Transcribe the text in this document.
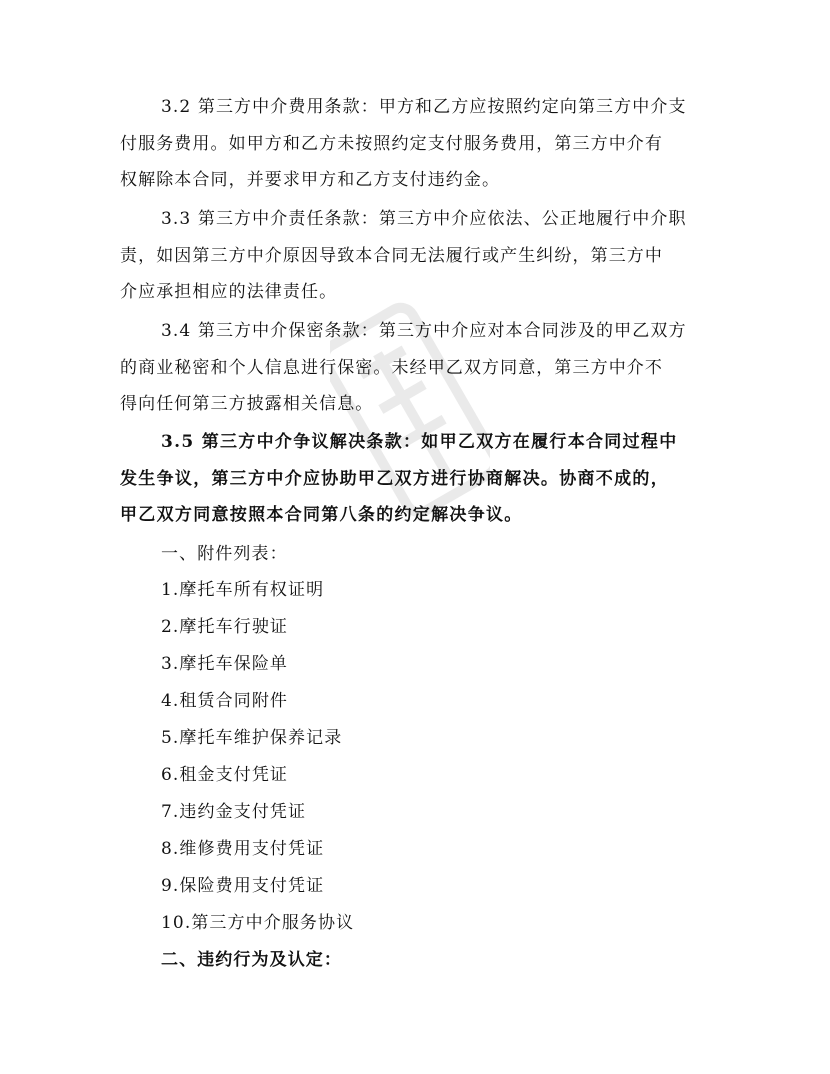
3.2 第三方中介费用条款：甲方和乙方应按照约定向第三方中介支
付服务费用。如甲方和乙方未按照约定支付服务费用，第三方中介有
权解除本合同，并要求甲方和乙方支付违约金。
3.3 第三方中介责任条款：第三方中介应依法、公正地履行中介职
责，如因第三方中介原因导致本合同无法履行或产生纠纷，第三方中
介应承担相应的法律责任。
3.4 第三方中介保密条款：第三方中介应对本合同涉及的甲乙双方
的商业秘密和个人信息进行保密。未经甲乙双方同意，第三方中介不
得向任何第三方披露相关信息。
3.5 第三方中介争议解决条款：如甲乙双方在履行本合同过程中
发生争议，第三方中介应协助甲乙双方进行协商解决。协商不成的，
甲乙双方同意按照本合同第八条的约定解决争议。
一、附件列表：
1.摩托车所有权证明
2.摩托车行驶证
3.摩托车保险单
4.租赁合同附件
5.摩托车维护保养记录
6.租金支付凭证
7.违约金支付凭证
8.维修费用支付凭证
9.保险费用支付凭证
10.第三方中介服务协议
二、违约行为及认定：
